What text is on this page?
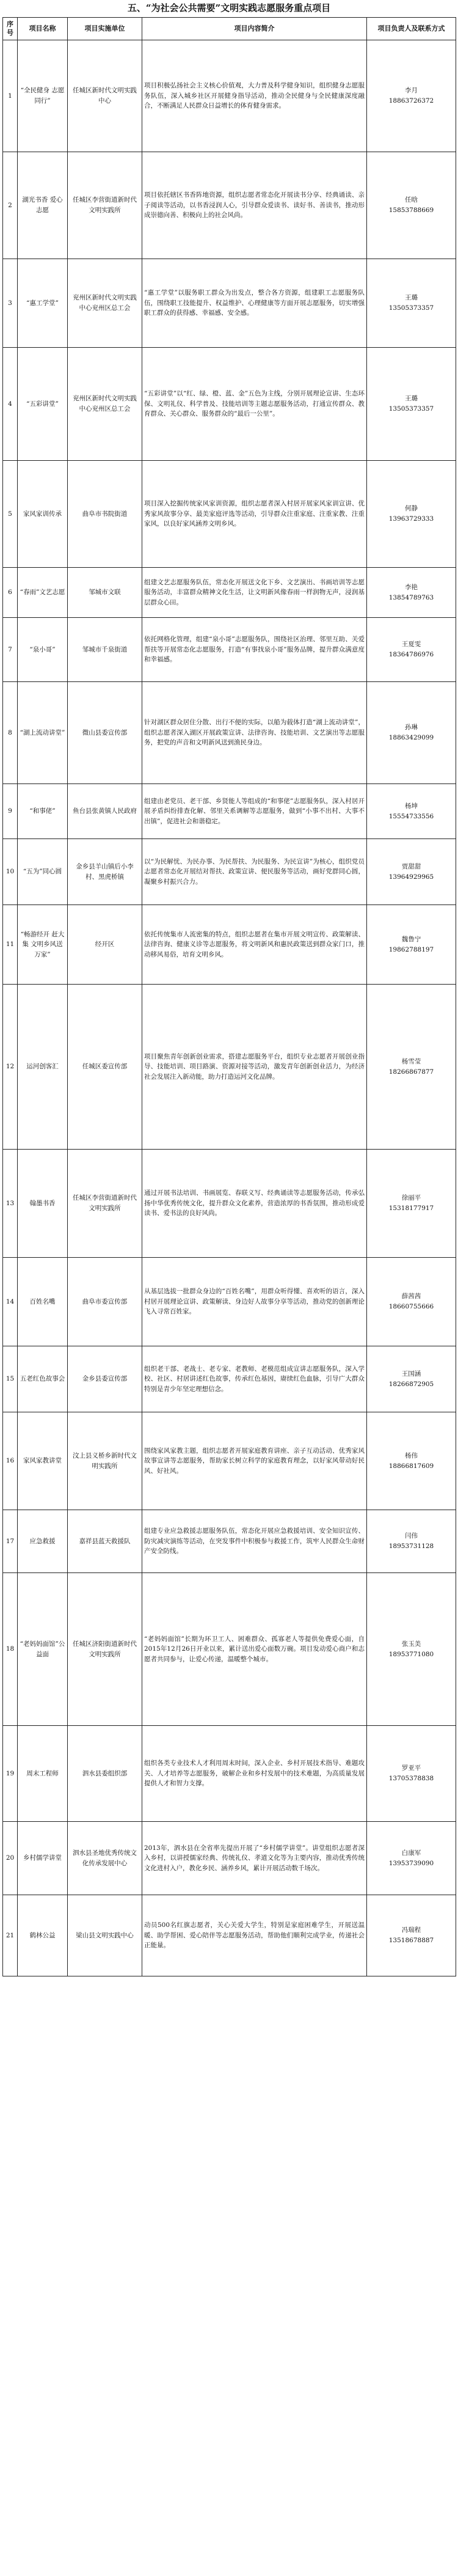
五、“为社会公共需要”文明实践志愿服务重点项目
序号	项目名称	项目实施单位	项目内容简介	项目负责人及联系方式
1	“全民健身 志愿同行”	任城区新时代文明实践中心	项目积极弘扬社会主义核心价值观，大力普及科学健身知识，组织健身志愿服务队伍，深入城乡社区开展健身指导活动，推动全民健身与全民健康深度融合，不断满足人民群众日益增长的体育健身需求。	李月
18863726372

2	湖光书香 爱心志愿	任城区李营街道新时代文明实践所	项目依托辖区书香阵地资源，组织志愿者常态化开展读书分享、经典诵读、亲子阅读等活动，以书香浸润人心，引导群众爱读书、读好书、善读书，推动形成崇德向善、积极向上的社会风尚。	任晗
15853788669

3	“惠工学堂”	兖州区新时代文明实践中心兖州区总工会	“惠工学堂”以服务职工群众为出发点，整合各方资源，组建职工志愿服务队伍，围绕职工技能提升、权益维护、心理健康等方面开展志愿服务，切实增强职工群众的获得感、幸福感、安全感。	王璐
13505373357

4	“五彩讲堂”	兖州区新时代文明实践中心兖州区总工会	“五彩讲堂”以“红、绿、橙、蓝、金”五色为主线，分别开展理论宣讲、生态环保、文明礼仪、科学普及、技能培训等主题志愿服务活动，打通宣传群众、教育群众、关心群众、服务群众的“最后一公里”。	王璐
13505373357

5	家风家训传承	曲阜市书院街道	项目深入挖掘传统家风家训资源，组织志愿者深入村居开展家风家训宣讲、优秀家风故事分享、最美家庭评选等活动，引导群众注重家庭、注重家教、注重家风，以良好家风涵养文明乡风。	何静
13963729333

6	“春雨”文艺志愿	邹城市文联	组建文艺志愿服务队伍，常态化开展送文化下乡、文艺演出、书画培训等志愿服务活动，丰富群众精神文化生活，让文明新风像春雨一样润物无声，浸润基层群众心田。	李艳
13854789763

7	“泉小哥”	邹城市千泉街道	依托网格化管理，组建“泉小哥”志愿服务队，围绕社区治理、邻里互助、关爱帮扶等开展常态化志愿服务，打造“有事找泉小哥”服务品牌，提升群众满意度和幸福感。	王夏雯
18364786976

8	“湖上流动讲堂”	微山县委宣传部	针对湖区群众居住分散、出行不便的实际，以船为载体打造“湖上流动讲堂”，组织志愿者深入湖区开展政策宣讲、法律咨询、技能培训、文艺演出等志愿服务，把党的声音和文明新风送到渔民身边。	孙琳
18863429099

9	“和事佬”	鱼台县张黄镇人民政府	组建由老党员、老干部、乡贤能人等组成的“和事佬”志愿服务队，深入村居开展矛盾纠纷排查化解、邻里关系调解等志愿服务，做到“小事不出村、大事不出镇”，促进社会和谐稳定。	杨坤
15554733556

10	“五为”同心圆	金乡县羊山镇后小李村、黑虎桥镇	以“为民解忧、为民办事、为民帮扶、为民服务、为民宣讲”为核心，组织党员志愿者常态化开展结对帮扶、政策宣讲、便民服务等活动，画好党群同心圆，凝聚乡村振兴合力。	贾甜甜
13964929965

11	“畅游经开 赶大集 文明乡风送万家”	经开区	依托传统集市人流密集的特点，组织志愿者在集市开展文明宣传、政策解读、法律咨询、健康义诊等志愿服务，将文明新风和惠民政策送到群众家门口，推动移风易俗，培育文明乡风。	魏鲁宁
19862788197

12	运河创客汇	任城区委宣传部	项目聚焦青年创新创业需求，搭建志愿服务平台，组织专业志愿者开展创业指导、技能培训、项目路演、资源对接等活动，激发青年创新创业活力，为经济社会发展注入新动能，助力打造运河文化品牌。	杨雪莹
18266867877

13	翰墨书香	任城区李营街道新时代文明实践所	通过开展书法培训、书画展览、春联义写、经典诵读等志愿服务活动，传承弘扬中华优秀传统文化，提升群众文化素养，营造浓厚的书香氛围，推动形成爱读书、爱书法的良好风尚。	徐丽平
15318177917

14	百姓名嘴	曲阜市委宣传部	从基层选拔一批群众身边的“百姓名嘴”，用群众听得懂、喜欢听的语言，深入村居开展理论宣讲、政策解读、身边好人故事分享等活动，推动党的创新理论飞入寻常百姓家。	薛茜茜
18660755666

15	五老红色故事会	金乡县委宣传部	组织老干部、老战士、老专家、老教师、老模范组成宣讲志愿服务队，深入学校、社区、村居讲述红色故事，传承红色基因，赓续红色血脉，引导广大群众特别是青少年坚定理想信念。	王国涵
18266872905

16	家风家教讲堂	汶上县义桥乡新时代文明实践所	围绕家风家教主题，组织志愿者开展家庭教育讲座、亲子互动活动、优秀家风故事宣讲等志愿服务，帮助家长树立科学的家庭教育理念，以好家风带动好民风、好社风。	杨伟
18866817609

17	应急救援	嘉祥县蓝天救援队	组建专业应急救援志愿服务队伍，常态化开展应急救援培训、安全知识宣传、防灾减灾演练等活动，在突发事件中积极参与救援工作，筑牢人民群众生命财产安全防线。	闫伟
18953731128

18	“老妈妈面馆”公益面	任城区济阳街道新时代文明实践所	“老妈妈面馆”长期为环卫工人、困难群众、孤寡老人等提供免费爱心面，自2015年12月26日开业以来，累计送出爱心面数万碗。项目发动爱心商户和志愿者共同参与，让爱心传递，温暖整个城市。	张玉美
18953771080

19	周末工程师	泗水县委组织部	组织各类专业技术人才利用周末时间，深入企业、乡村开展技术指导、难题攻关、人才培养等志愿服务，破解企业和乡村发展中的技术难题，为高质量发展提供人才和智力支撑。	罗亚平
13705378838

20	乡村儒学讲堂	泗水县圣地优秀传统文化传承发展中心	2013年，泗水县在全省率先提出开展了“乡村儒学讲堂”。讲堂组织志愿者深入乡村，以讲授儒家经典、传统礼仪、孝道文化等为主要内容，推动优秀传统文化进村入户，教化乡民、涵养乡风，累计开展活动数千场次。	白康军
13953739090

21	鹤林公益	梁山县文明实践中心	动员500名红旗志愿者，关心关爱大学生，特别是家庭困难学生，开展送温暖、助学帮困、爱心陪伴等志愿服务活动，帮助他们顺利完成学业，传递社会正能量。	冯瑞程
13518678887
